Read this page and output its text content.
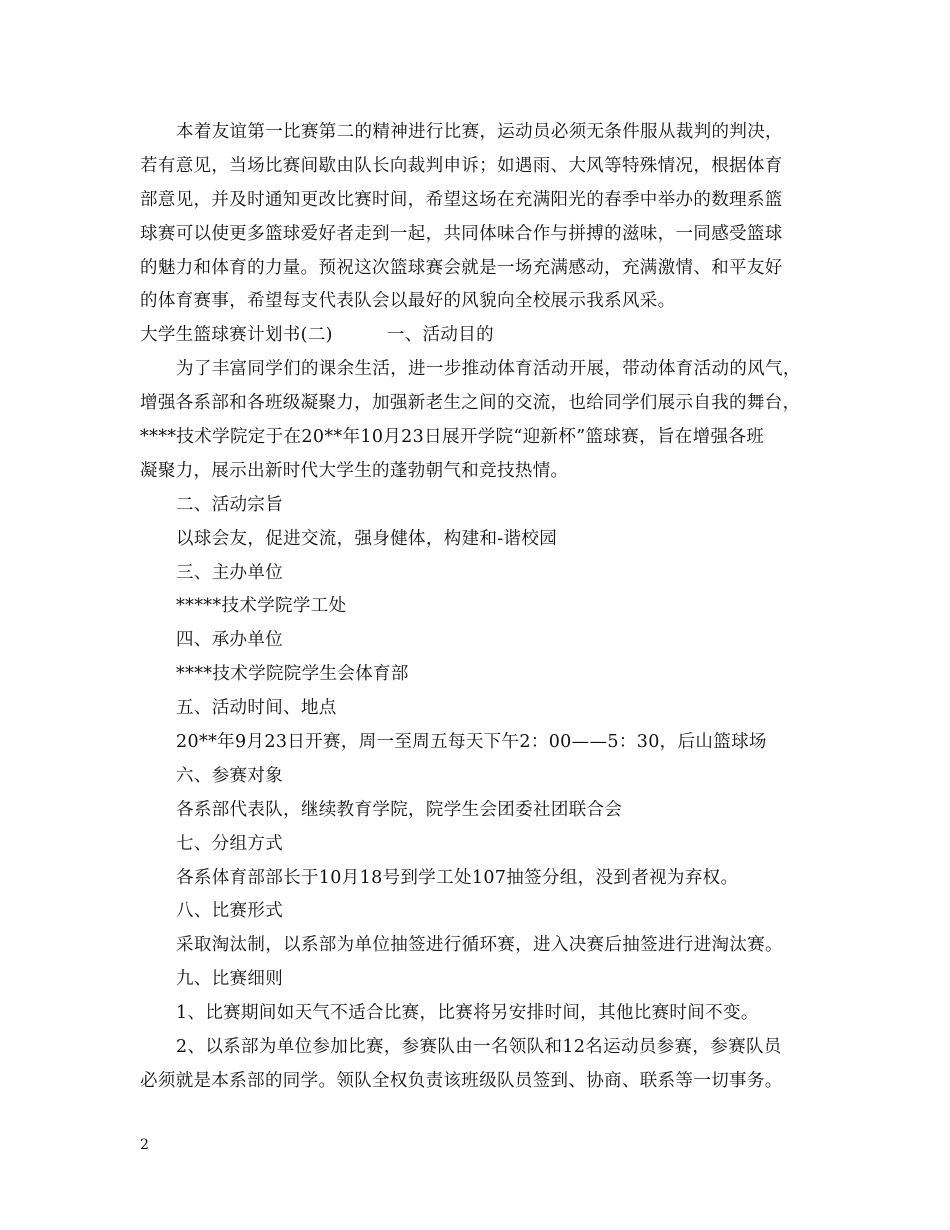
本着友谊第一比赛第二的精神进行比赛，运动员必须无条件服从裁判的判决，
若有意见，当场比赛间歇由队长向裁判申诉；如遇雨、大风等特殊情况，根据体育
部意见，并及时通知更改比赛时间，希望这场在充满阳光的春季中举办的数理系篮
球赛可以使更多篮球爱好者走到一起，共同体味合作与拼搏的滋味，一同感受篮球
的魅力和体育的力量。预祝这次篮球赛会就是一场充满感动，充满激情、和平友好
的体育赛事，希望每支代表队会以最好的风貌向全校展示我系风采。
大学生篮球赛计划书(二)	一、活动目的
为了丰富同学们的课余生活，进一步推动体育活动开展，带动体育活动的风气，
增强各系部和各班级凝聚力，加强新老生之间的交流，也给同学们展示自我的舞台，
****技术学院定于在20**年10月23日展开学院“迎新杯”篮球赛，旨在增强各班
凝聚力，展示出新时代大学生的蓬勃朝气和竞技热情。
二、活动宗旨
以球会友，促进交流，强身健体，构建和-谐校园
三、主办单位
*****技术学院学工处
四、承办单位
****技术学院院学生会体育部
五、活动时间、地点
20**年9月23日开赛，周一至周五每天下午2：00——5：30，后山篮球场
六、参赛对象
各系部代表队，继续教育学院，院学生会团委社团联合会
七、分组方式
各系体育部部长于10月18号到学工处107抽签分组，没到者视为弃权。
八、比赛形式
采取淘汰制，以系部为单位抽签进行循环赛，进入决赛后抽签进行进淘汰赛。
九、比赛细则
1、比赛期间如天气不适合比赛，比赛将另安排时间，其他比赛时间不变。
2、以系部为单位参加比赛，参赛队由一名领队和12名运动员参赛，参赛队员
必须就是本系部的同学。领队全权负责该班级队员签到、协商、联系等一切事务。
2
